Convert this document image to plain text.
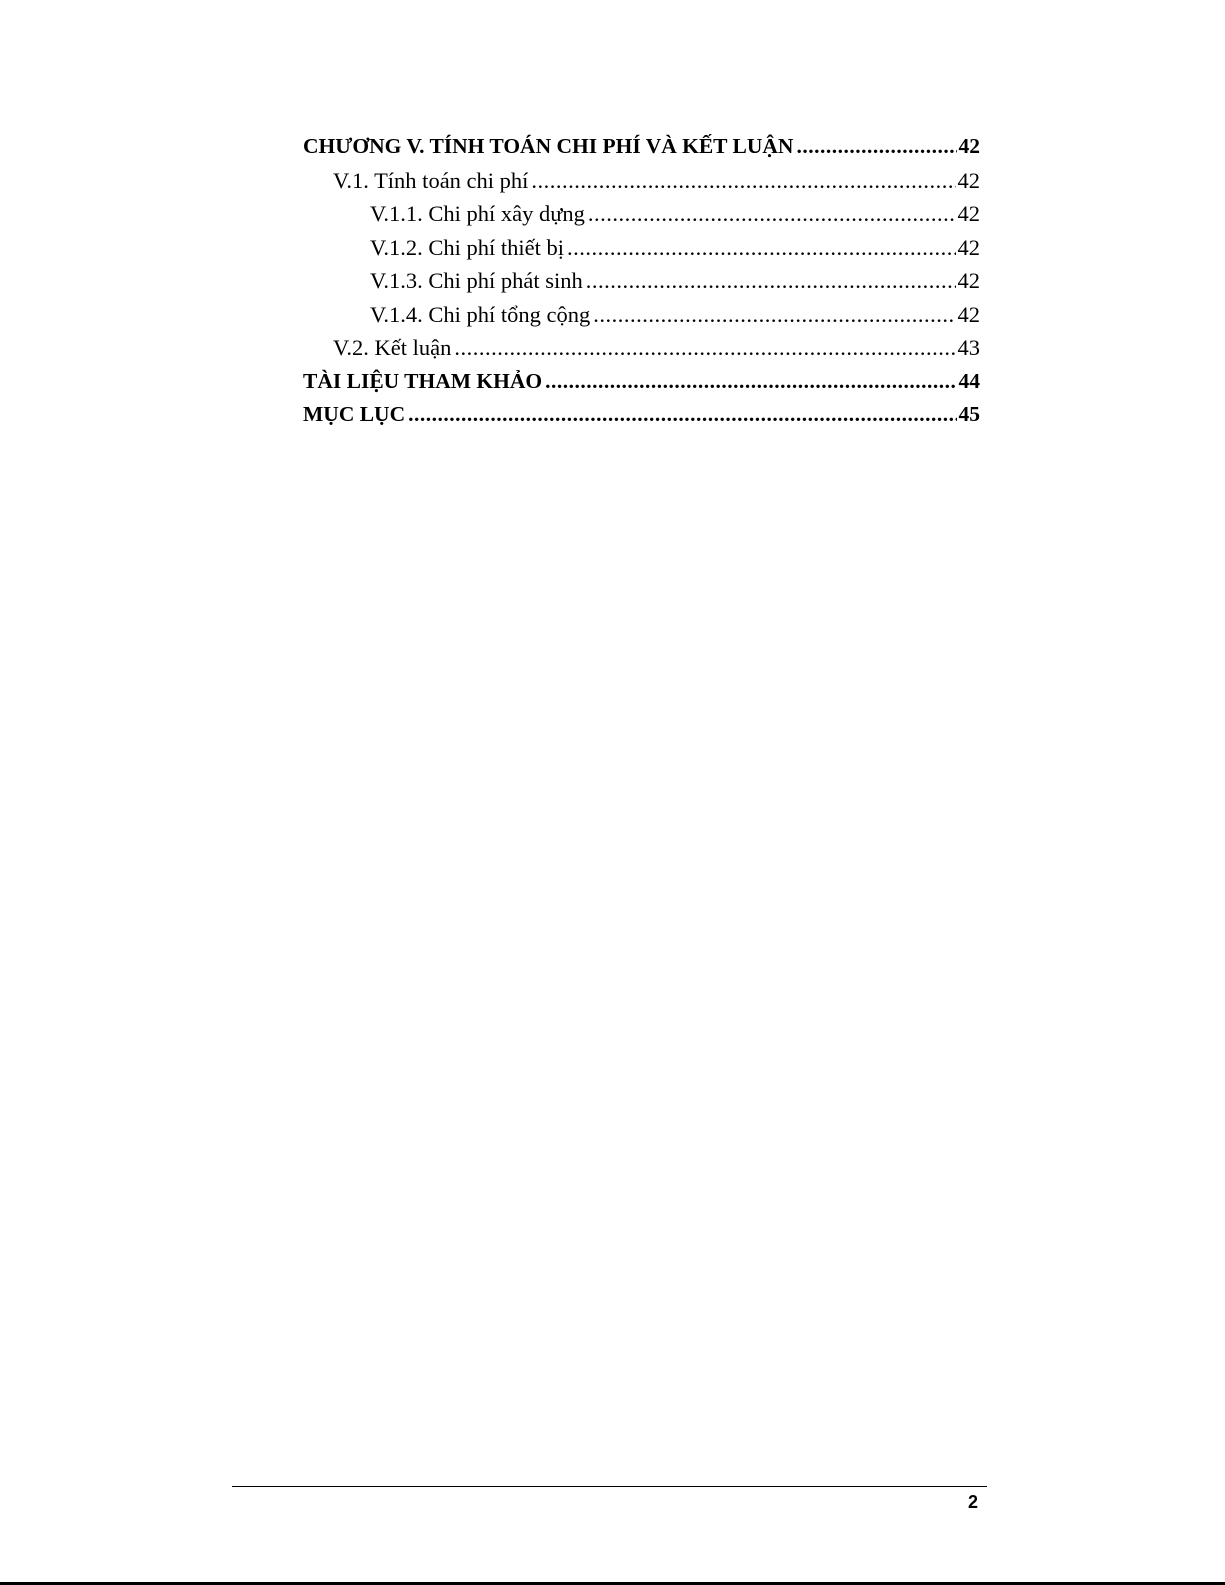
CHƯƠNG V. TÍNH TOÁN CHI PHÍ VÀ KẾT LUẬN .....	42
V.1. Tính toán chi phí .....	42
V.1.1. Chi phí xây dựng .....	42
V.1.2. Chi phí thiết bị .....	42
V.1.3. Chi phí phát sinh .....	42
V.1.4. Chi phí tổng cộng .....	42
V.2. Kết luận .....	43
TÀI LIỆU THAM KHẢO .....	44
MỤC LỤC .....	45
2
